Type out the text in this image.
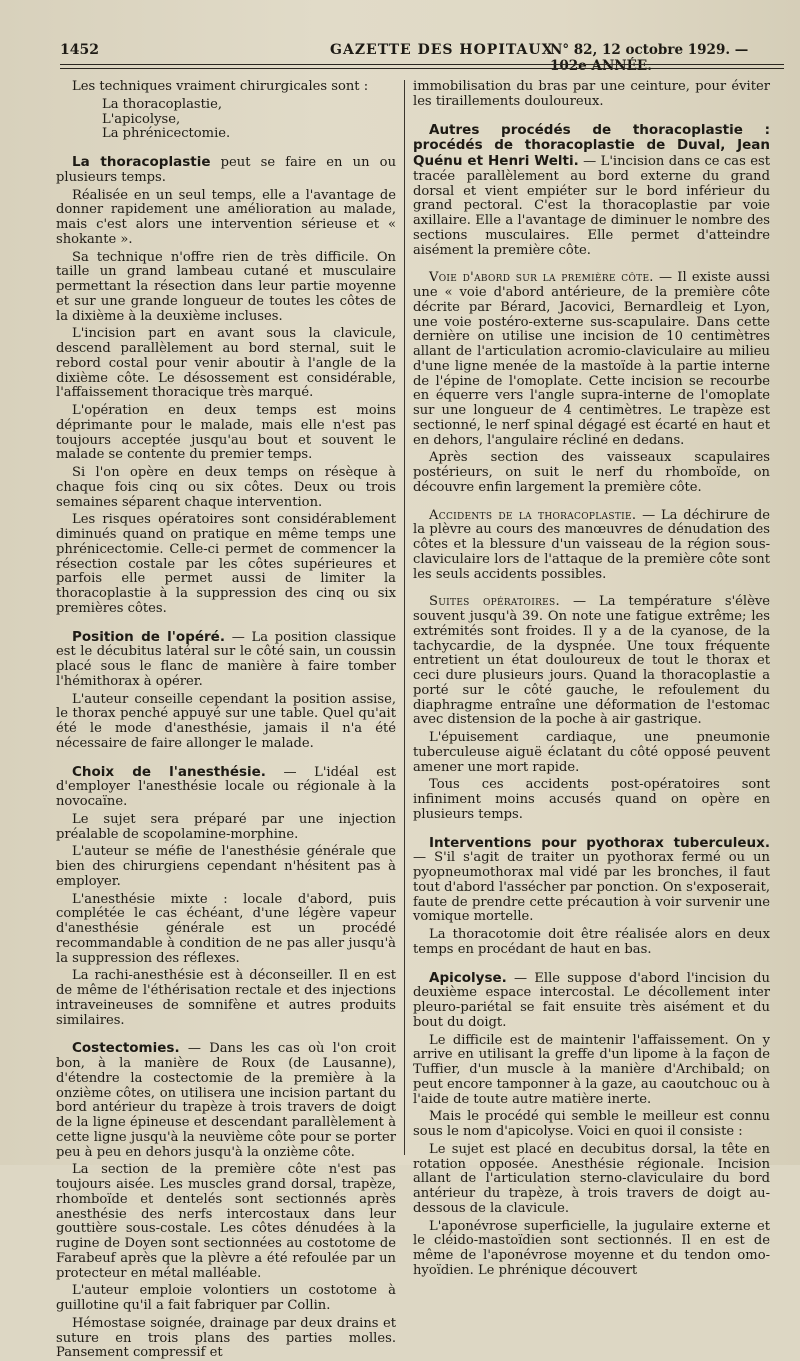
1452	GAZETTE DES HOPITAUX
N° 82, 12 octobre 1929. — 102e ANNÉE.

Les techniques vraiment chirurgicales sont :

La thoracoplastie,

L'apicolyse,

La phrénicectomie.

La thoracoplastie peut se faire en un ou plusieurs temps.

Réalisée en un seul temps, elle a l'avantage de donner rapidement une amélioration au malade, mais c'est alors une intervention sérieuse et « shokante ».

Sa technique n'offre rien de très difficile. On taille un grand lambeau cutané et musculaire permettant la résection dans leur partie moyenne et sur une grande longueur de toutes les côtes de la dixième à la deuxième incluses.

L'incision part en avant sous la clavicule, descend parallèlement au bord sternal, suit le rebord costal pour venir aboutir à l'angle de la dixième côte. Le désossement est considérable, l'affaissement thoracique très marqué.

L'opération en deux temps est moins déprimante pour le malade, mais elle n'est pas toujours acceptée jusqu'au bout et souvent le malade se contente du premier temps.

Si l'on opère en deux temps on résèque à chaque fois cinq ou six côtes. Deux ou trois semaines séparent chaque intervention.

Les risques opératoires sont considérablement diminués quand on pratique en même temps une phrénicectomie. Celle-ci permet de commencer la résection costale par les côtes supérieures et parfois elle permet aussi de limiter la thoracoplastie à la suppression des cinq ou six premières côtes.

Position de l'opéré. — La position classique est le décubitus latéral sur le côté sain, un coussin placé sous le flanc de manière à faire tomber l'hémithorax à opérer.

L'auteur conseille cependant la position assise, le thorax penché appuyé sur une table. Quel qu'ait été le mode d'anesthésie, jamais il n'a été nécessaire de faire allonger le malade.

Choix de l'anesthésie. — L'idéal est d'employer l'anesthésie locale ou régionale à la novocaïne.

Le sujet sera préparé par une injection préalable de scopolamine-morphine.

L'auteur se méfie de l'anesthésie générale que bien des chirurgiens cependant n'hésitent pas à employer.

L'anesthésie mixte : locale d'abord, puis complétée le cas échéant, d'une légère vapeur d'anesthésie générale est un procédé recommandable à condition de ne pas aller jusqu'à la suppression des réflexes.

La rachi-anesthésie est à déconseiller. Il en est de même de l'éthérisation rectale et des injections intraveineuses de somnifène et autres produits similaires.

Costectomies. — Dans les cas où l'on croit bon, à la manière de Roux (de Lausanne), d'étendre la costectomie de la première à la onzième côtes, on utilisera une incision partant du bord antérieur du trapèze à trois travers de doigt de la ligne épineuse et descendant parallèlement à cette ligne jusqu'à la neuvième côte pour se porter peu à peu en dehors jusqu'à la onzième côte.

La section de la première côte n'est pas toujours aisée. Les muscles grand dorsal, trapèze, rhomboïde et dentelés sont sectionnés après anesthésie des nerfs intercostaux dans leur gouttière sous-costale. Les côtes dénudées à la rugine de Doyen sont sectionnées au costotome de Farabeuf après que la plèvre a été refoulée par un protecteur en métal malléable.

L'auteur emploie volontiers un costotome à guillotine qu'il a fait fabriquer par Collin.

Hémostase soignée, drainage par deux drains et suture en trois plans des parties molles. Pansement compressif et

immobilisation du bras par une ceinture, pour éviter les tiraillements douloureux.

Autres procédés de thoracoplastie : procédés de thoracoplastie de Duval, Jean Quénu et Henri Welti. — L'incision dans ce cas est tracée parallèlement au bord externe du grand dorsal et vient empiéter sur le bord inférieur du grand pectoral. C'est la thoracoplastie par voie axillaire. Elle a l'avantage de diminuer le nombre des sections musculaires. Elle permet d'atteindre aisément la première côte.

Voie d'abord sur la première côte. — Il existe aussi une « voie d'abord antérieure, de la première côte décrite par Bérard, Jacovici, Bernardleig et Lyon, une voie postéro-externe sus-scapulaire. Dans cette dernière on utilise une incision de 10 centimètres allant de l'articulation acromio-claviculaire au milieu d'une ligne menée de la mastoïde à la partie interne de l'épine de l'omoplate. Cette incision se recourbe en équerre vers l'angle supra-interne de l'omoplate sur une longueur de 4 centimètres. Le trapèze est sectionné, le nerf spinal dégagé est écarté en haut et en dehors, l'angulaire récliné en dedans.

Après section des vaisseaux scapulaires postérieurs, on suit le nerf du rhomboïde, on découvre enfin largement la première côte.

Accidents de la thoracoplastie. — La déchirure de la plèvre au cours des manœuvres de dénudation des côtes et la blessure d'un vaisseau de la région sous-claviculaire lors de l'attaque de la première côte sont les seuls accidents possibles.

Suites opératoires. — La température s'élève souvent jusqu'à 39. On note une fatigue extrême; les extrémités sont froides. Il y a de la cyanose, de la tachycardie, de la dyspnée. Une toux fréquente entretient un état douloureux de tout le thorax et ceci dure plusieurs jours. Quand la thoracoplastie a porté sur le côté gauche, le refoulement du diaphragme entraîne une déformation de l'estomac avec distension de la poche à air gastrique.

L'épuisement cardiaque, une pneumonie tuberculeuse aiguë éclatant du côté opposé peuvent amener une mort rapide.

Tous ces accidents post-opératoires sont infiniment moins accusés quand on opère en plusieurs temps.

Interventions pour pyothorax tuberculeux. — S'il s'agit de traiter un pyothorax fermé ou un pyopneumothorax mal vidé par les bronches, il faut tout d'abord l'assécher par ponction. On s'exposerait, faute de prendre cette précaution à voir survenir une vomique mortelle.

La thoracotomie doit être réalisée alors en deux temps en procédant de haut en bas.

Apicolyse. — Elle suppose d'abord l'incision du deuxième espace intercostal. Le décollement inter pleuro-pariétal se fait ensuite très aisément et du bout du doigt.

Le difficile est de maintenir l'affaissement. On y arrive en utilisant la greffe d'un lipome à la façon de Tuffier, d'un muscle à la manière d'Archibald; on peut encore tamponner à la gaze, au caoutchouc ou à l'aide de toute autre matière inerte.

Mais le procédé qui semble le meilleur est connu sous le nom d'apicolyse. Voici en quoi il consiste :

Le sujet est placé en decubitus dorsal, la tête en rotation opposée. Anesthésie régionale. Incision allant de l'articulation sterno-claviculaire du bord antérieur du trapèze, à trois travers de doigt au-dessous de la clavicule.

L'aponévrose superficielle, la jugulaire externe et le cléido-mastoïdien sont sectionnés. Il en est de même de l'aponévrose moyenne et du tendon omo-hyoïdien. Le phrénique découvert
